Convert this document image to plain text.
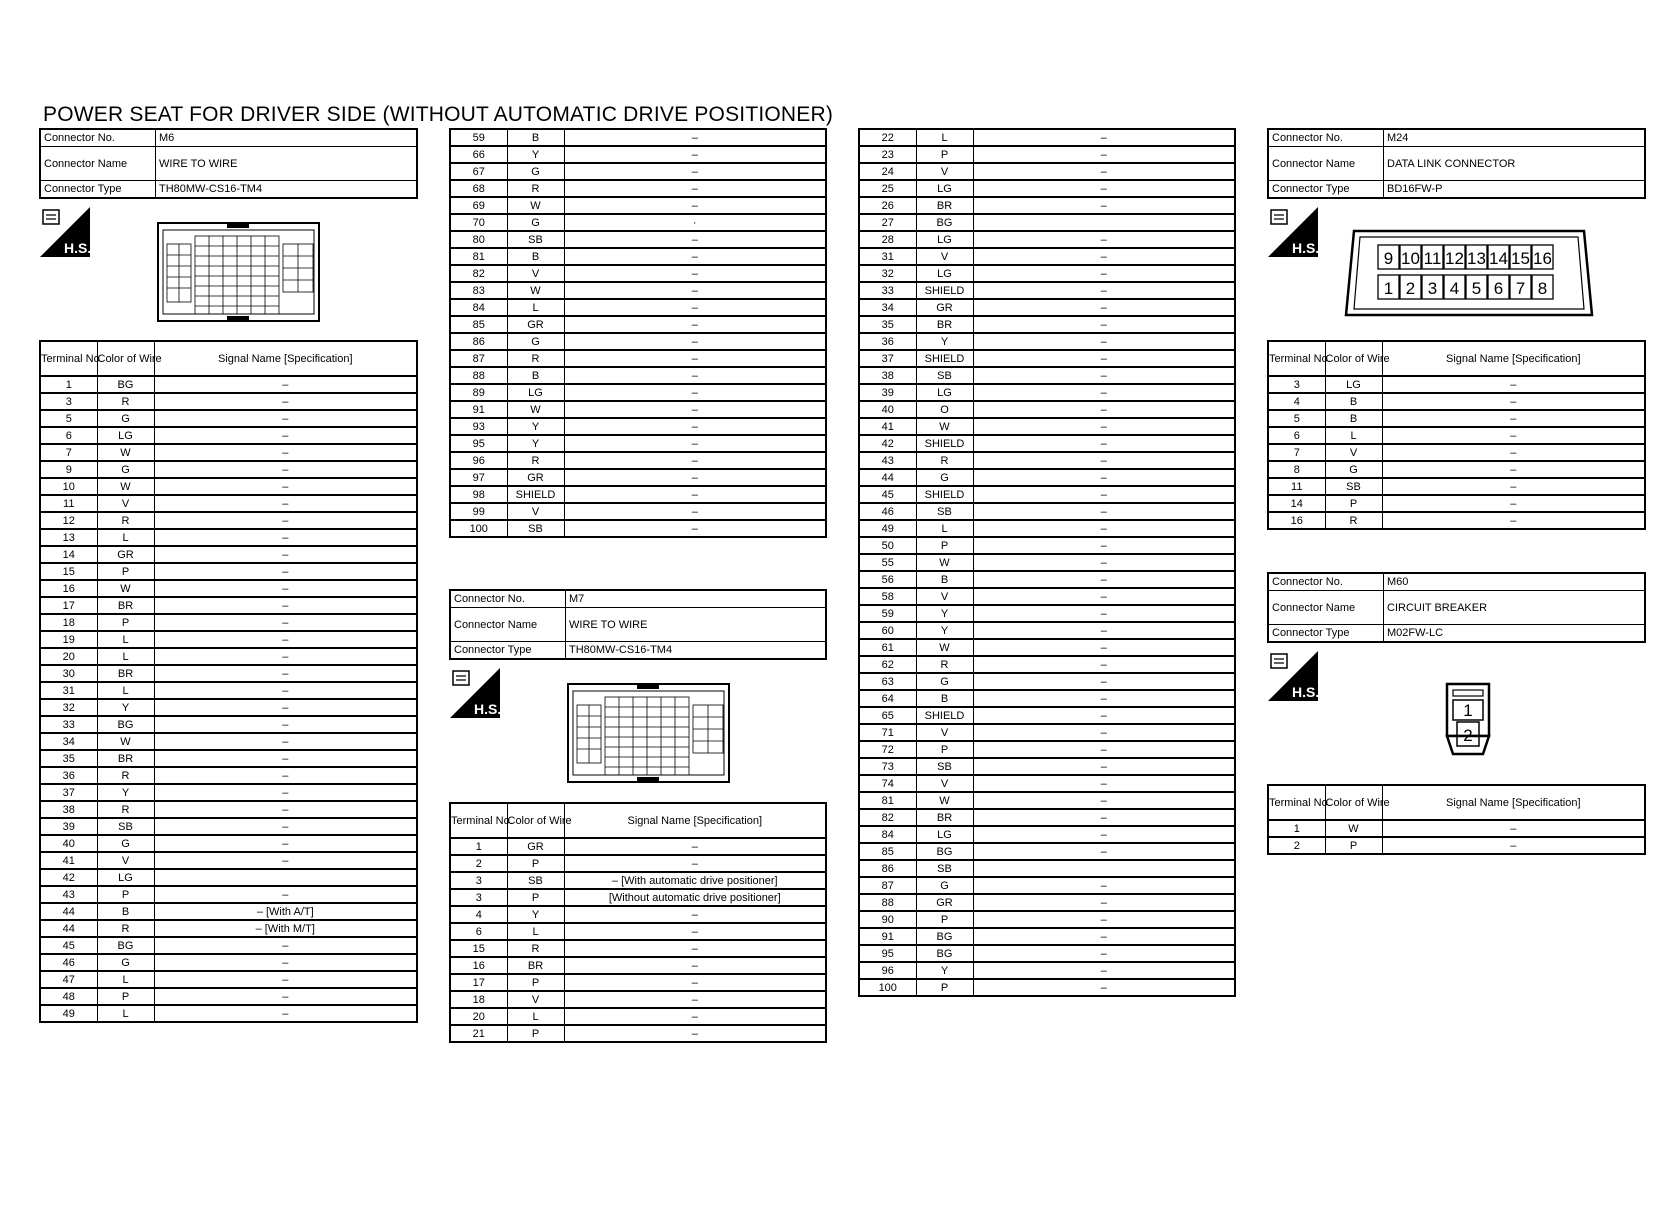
POWER SEAT FOR DRIVER SIDE (WITHOUT AUTOMATIC DRIVE POSITIONER)
Connector No.	M6
Connector Name	WIRE TO WIRE
Connector Type	TH80MW-CS16-TM4
H.S.
Terminal No.	Color of Wire	Signal Name [Specification]
1	BG	–
3	R	–
5	G	–
6	LG	–
7	W	–
9	G	–
10	W	–
11	V	–
12	R	–
13	L	–
14	GR	–
15	P	–
16	W	–
17	BR	–
18	P	–
19	L	–
20	L	–
30	BR	–
31	L	–
32	Y	–
33	BG	–
34	W	–
35	BR	–
36	R	–
37	Y	–
38	R	–
39	SB	–
40	G	–
41	V	–
42	LG	
43	P	–
44	B	– [With A/T]
44	R	– [With M/T]
45	BG	–
46	G	–
47	L	–
48	P	–
49	L	–
59	B	–
66	Y	–
67	G	–
68	R	–
69	W	–
70	G	·
80	SB	–
81	B	–
82	V	–
83	W	–
84	L	–
85	GR	–
86	G	–
87	R	–
88	B	–
89	LG	–
91	W	–
93	Y	–
95	Y	–
96	R	–
97	GR	–
98	SHIELD	–
99	V	–
100	SB	–
Connector No.	M7
Connector Name	WIRE TO WIRE
Connector Type	TH80MW-CS16-TM4
H.S.
Terminal No.	Color of Wire	Signal Name [Specification]
1	GR	–
2	P	–
3	SB	– [With automatic drive positioner]
3	P	[Without automatic drive positioner]
4	Y	–
6	L	–
15	R	–
16	BR	–
17	P	–
18	V	–
20	L	–
21	P	–
22	L	–
23	P	–
24	V	–
25	LG	–
26	BR	–
27	BG	
28	LG	–
31	V	–
32	LG	–
33	SHIELD	–
34	GR	–
35	BR	–
36	Y	–
37	SHIELD	–
38	SB	–
39	LG	–
40	O	–
41	W	–
42	SHIELD	–
43	R	–
44	G	–
45	SHIELD	–
46	SB	–
49	L	–
50	P	–
55	W	–
56	B	–
58	V	–
59	Y	–
60	Y	–
61	W	–
62	R	–
63	G	–
64	B	–
65	SHIELD	–
71	V	–
72	P	–
73	SB	–
74	V	–
81	W	–
82	BR	–
84	LG	–
85	BG	–
86	SB	
87	G	–
88	GR	–
90	P	–
91	BG	–
95	BG	–
96	Y	–
100	P	–
Connector No.	M24
Connector Name	DATA LINK CONNECTOR
Connector Type	BD16FW-P
H.S.
9 10 11 12 13 14 15 16
1 2 3 4 5 6 7 8
Terminal No.	Color of Wire	Signal Name [Specification]
3	LG	–
4	B	–
5	B	–
6	L	–
7	V	–
8	G	–
11	SB	–
14	P	–
16	R	–
Connector No.	M60
Connector Name	CIRCUIT BREAKER
Connector Type	M02FW-LC
H.S.
1
2
Terminal No.	Color of Wire	Signal Name [Specification]
1	W	–
2	P	–
